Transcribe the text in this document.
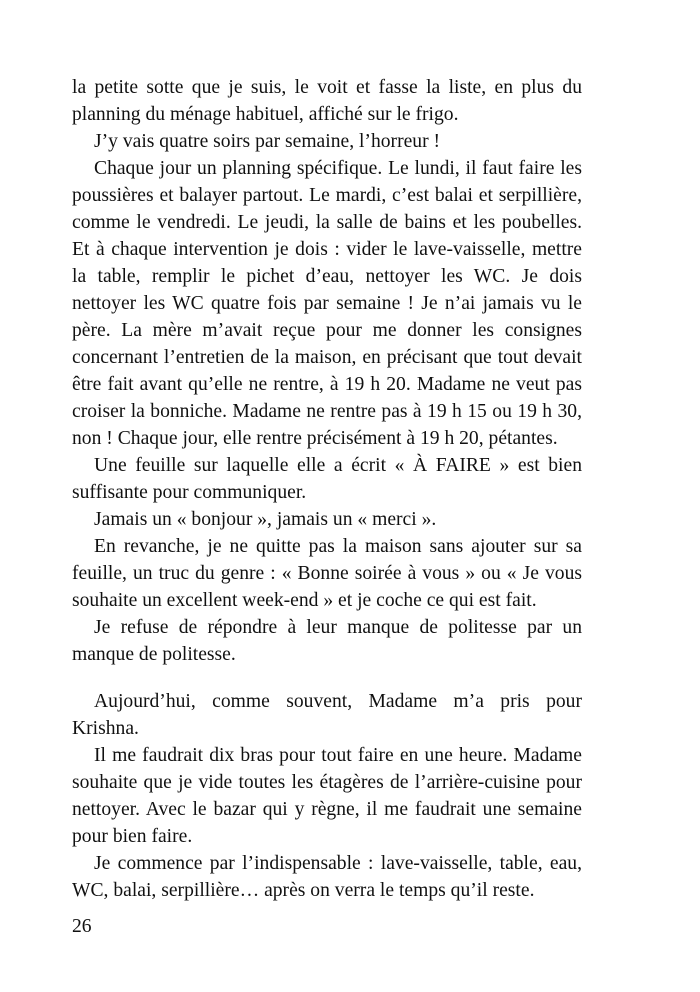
la petite sotte que je suis, le voit et fasse la liste, en plus du
planning du ménage habituel, affiché sur le frigo.
J’y vais quatre soirs par semaine, l’horreur !
Chaque jour un planning spécifique. Le lundi, il faut faire les
poussières et balayer partout. Le mardi, c’est balai et serpillière,
comme le vendredi. Le jeudi, la salle de bains et les poubelles.
Et à chaque intervention je dois : vider le lave-vaisselle, mettre
la table, remplir le pichet d’eau, nettoyer les WC. Je dois
nettoyer les WC quatre fois par semaine ! Je n’ai jamais vu le
père. La mère m’avait reçue pour me donner les consignes
concernant l’entretien de la maison, en précisant que tout devait
être fait avant qu’elle ne rentre, à 19 h 20. Madame ne veut pas
croiser la bonniche. Madame ne rentre pas à 19 h 15 ou 19 h 30,
non ! Chaque jour, elle rentre précisément à 19 h 20, pétantes.
Une feuille sur laquelle elle a écrit « À FAIRE » est bien
suffisante pour communiquer.
Jamais un « bonjour », jamais un « merci ».
En revanche, je ne quitte pas la maison sans ajouter sur sa
feuille, un truc du genre : « Bonne soirée à vous » ou « Je vous
souhaite un excellent week-end » et je coche ce qui est fait.
Je refuse de répondre à leur manque de politesse par un
manque de politesse.
Aujourd’hui, comme souvent, Madame m’a pris pour
Krishna.
Il me faudrait dix bras pour tout faire en une heure. Madame
souhaite que je vide toutes les étagères de l’arrière-cuisine pour
nettoyer. Avec le bazar qui y règne, il me faudrait une semaine
pour bien faire.
Je commence par l’indispensable : lave-vaisselle, table, eau,
WC, balai, serpillière… après on verra le temps qu’il reste.
26
